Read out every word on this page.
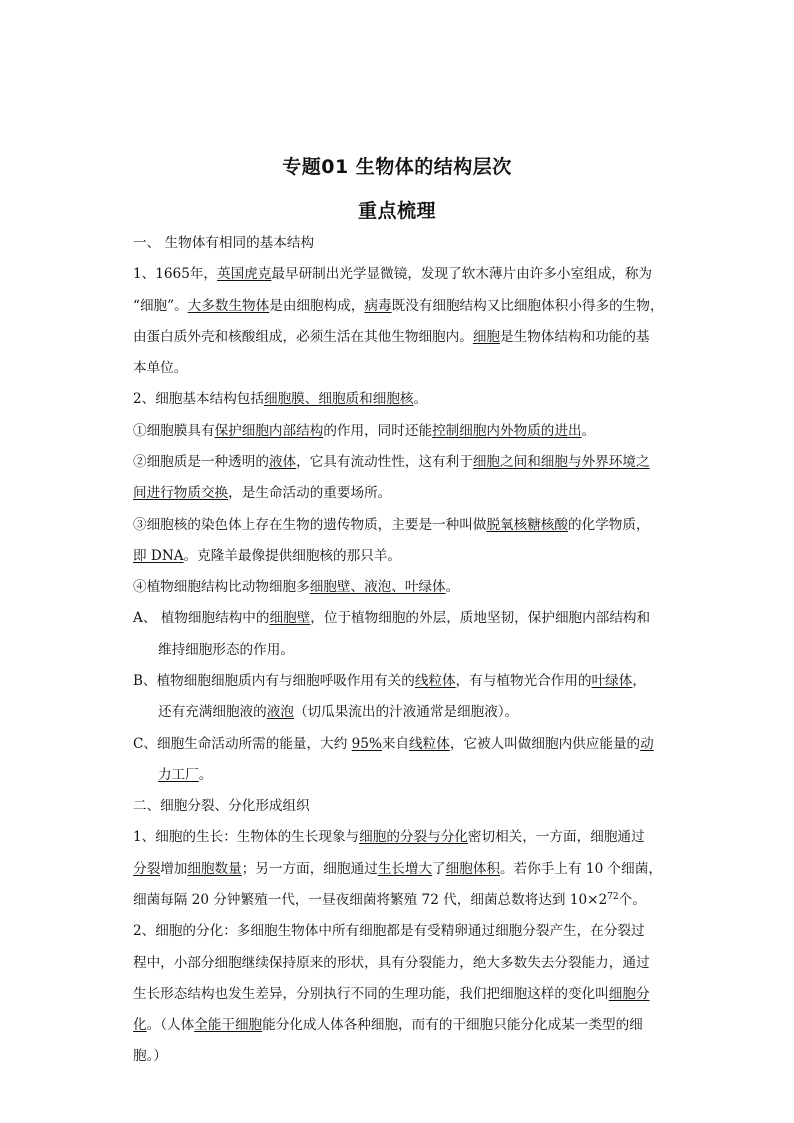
专题01 生物体的结构层次
重点梳理
一、 生物体有相同的基本结构
1、1665年，英国虎克最早研制出光学显微镜，发现了软木薄片由许多小室组成，称为
“细胞”。大多数生物体是由细胞构成，病毒既没有细胞结构又比细胞体积小得多的生物，
由蛋白质外壳和核酸组成，必须生活在其他生物细胞内。细胞是生物体结构和功能的基
本单位。
2、细胞基本结构包括细胞膜、细胞质和细胞核。
①细胞膜具有保护细胞内部结构的作用，同时还能控制细胞内外物质的进出。
②细胞质是一种透明的液体，它具有流动性性，这有利于细胞之间和细胞与外界环境之
间进行物质交换，是生命活动的重要场所。
③细胞核的染色体上存在生物的遗传物质，主要是一种叫做脱氧核糖核酸的化学物质，
即 DNA。克隆羊最像提供细胞核的那只羊。
④植物细胞结构比动物细胞多细胞壁、液泡、叶绿体。
A、 植物细胞结构中的细胞壁，位于植物细胞的外层，质地坚韧，保护细胞内部结构和
维持细胞形态的作用。
B、植物细胞细胞质内有与细胞呼吸作用有关的线粒体，有与植物光合作用的叶绿体，
还有充满细胞液的液泡（切瓜果流出的汁液通常是细胞液）。
C、细胞生命活动所需的能量，大约 95%来自线粒体，它被人叫做细胞内供应能量的动
力工厂。
二、细胞分裂、分化形成组织
1、细胞的生长：生物体的生长现象与细胞的分裂与分化密切相关，一方面，细胞通过
分裂增加细胞数量；另一方面，细胞通过生长增大了细胞体积。若你手上有 10 个细菌，
细菌每隔 20 分钟繁殖一代，一昼夜细菌将繁殖 72 代，细菌总数将达到 $10\times 2^{72}$个。
2、细胞的分化：多细胞生物体中所有细胞都是有受精卵通过细胞分裂产生，在分裂过
程中，小部分细胞继续保持原来的形状，具有分裂能力，绝大多数失去分裂能力，通过
生长形态结构也发生差异，分别执行不同的生理功能，我们把细胞这样的变化叫细胞分
化。（人体全能干细胞能分化成人体各种细胞，而有的干细胞只能分化成某一类型的细
胞。）
